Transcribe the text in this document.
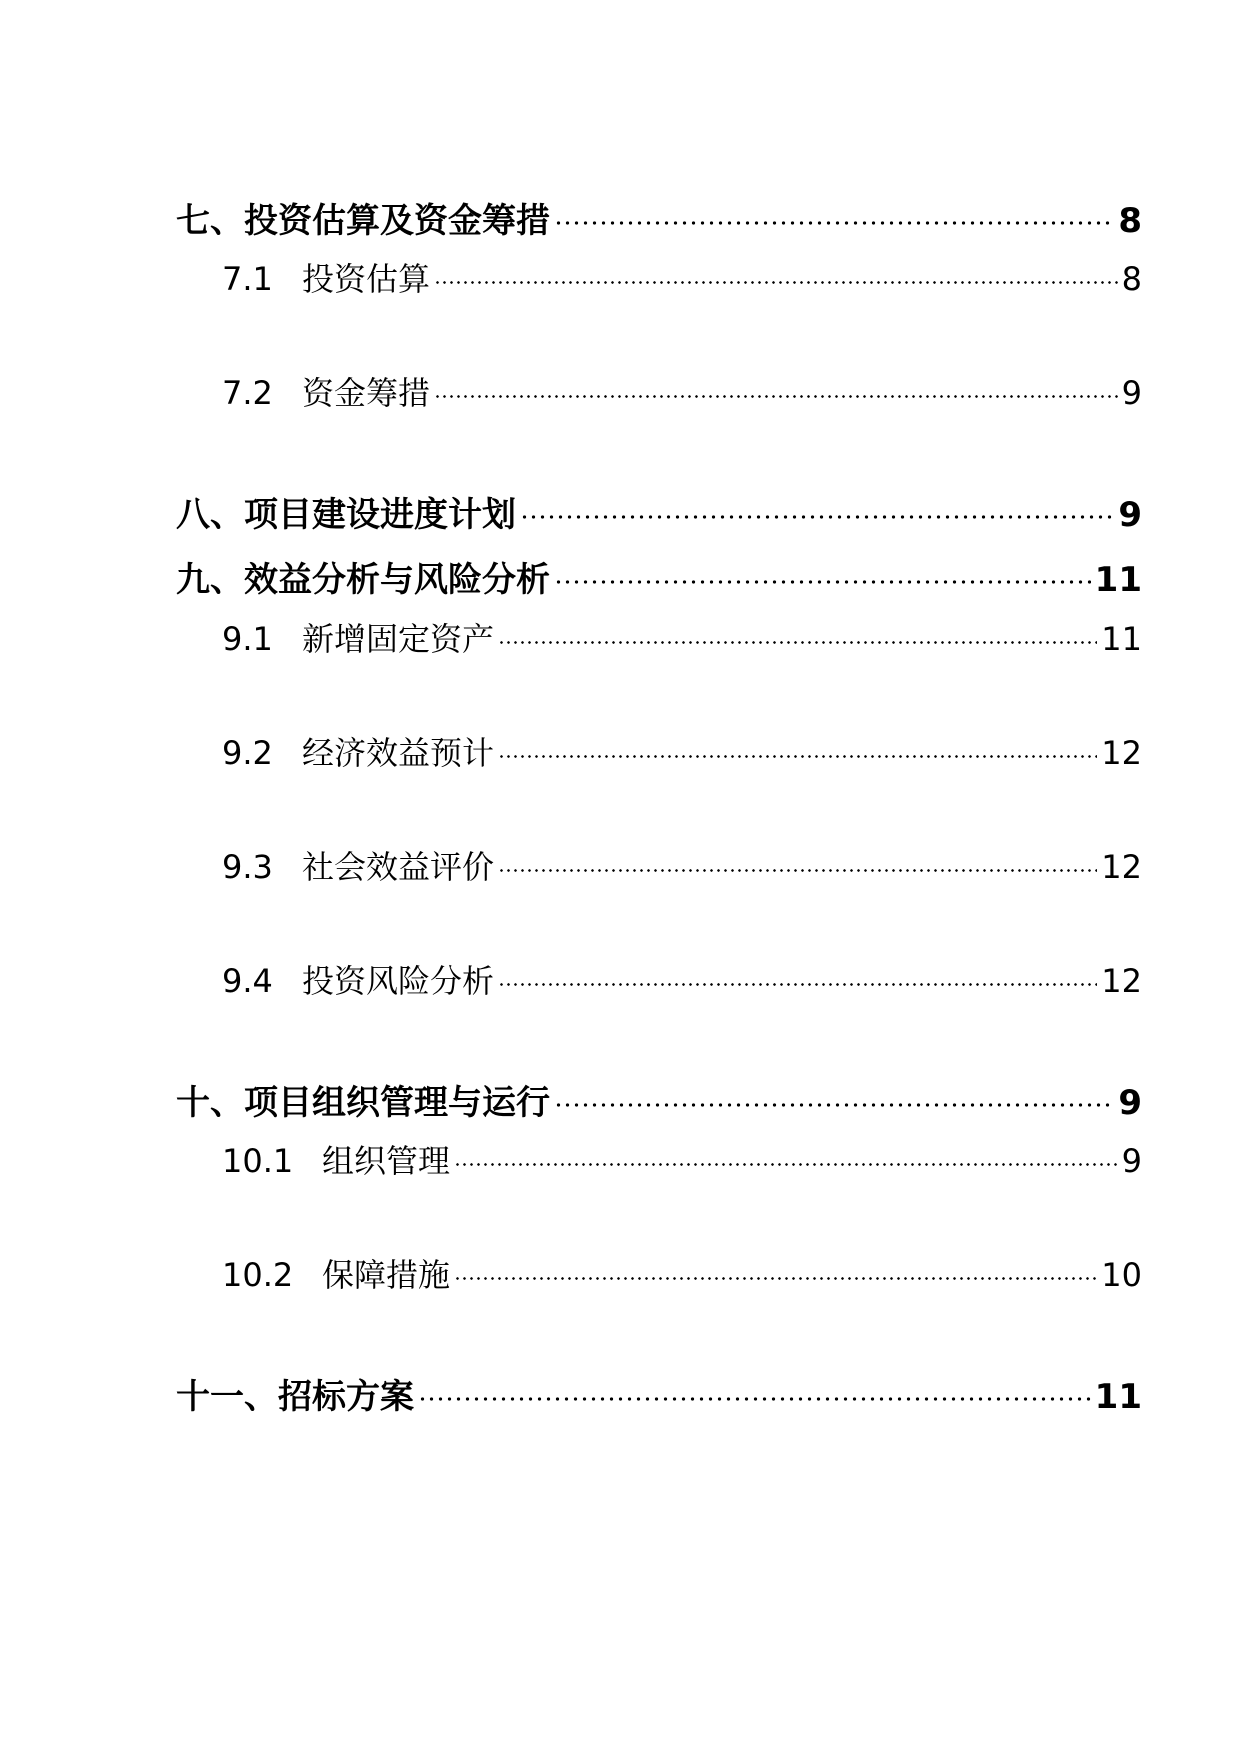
七、投资估算及资金筹措	8
7.1 投资估算	8
7.2 资金筹措	9
八、项目建设进度计划	9
九、效益分析与风险分析	11
9.1 新增固定资产	11
9.2 经济效益预计	12
9.3 社会效益评价	12
9.4 投资风险分析	12
十、项目组织管理与运行	9
10.1 组织管理	9
10.2 保障措施	10
十一、招标方案	11
